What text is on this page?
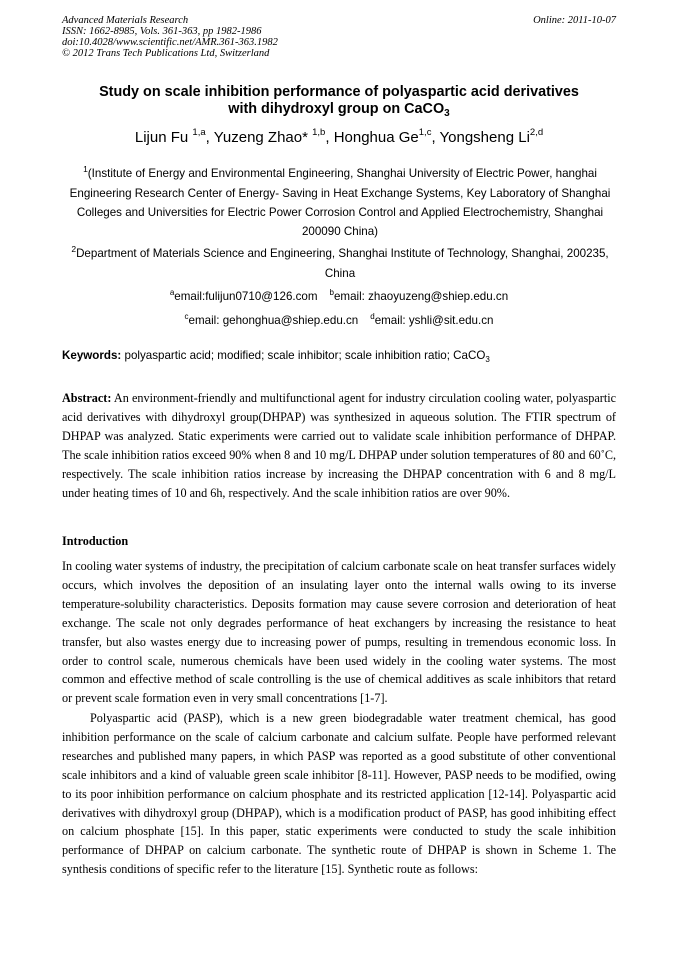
Advanced Materials Research
ISSN: 1662-8985, Vols. 361-363, pp 1982-1986
doi:10.4028/www.scientific.net/AMR.361-363.1982
© 2012 Trans Tech Publications Ltd, Switzerland
Online: 2011-10-07
Study on scale inhibition performance of polyaspartic acid derivatives
with dihydroxyl group on CaCO$_3$
Lijun Fu $^{1,a}$, Yuzeng Zhao* $^{1,b}$, Honghua Ge$^{1,c}$, Yongsheng Li$^{2,d}$
$^1$(Institute of Energy and Environmental Engineering, Shanghai University of Electric Power, hanghai Engineering Research Center of Energy- Saving in Heat Exchange Systems, Key Laboratory of Shanghai Colleges and Universities for Electric Power Corrosion Control and Applied Electrochemistry, Shanghai 200090 China)
$^2$Department of Materials Science and Engineering, Shanghai Institute of Technology, Shanghai, 200235, China
$^a$email:fulijun0710@126.com $^b$email: zhaoyuzeng@shiep.edu.cn
$^c$email: gehonghua@shiep.edu.cn $^d$email: yshli@sit.edu.cn
Keywords: polyaspartic acid; modified; scale inhibitor; scale inhibition ratio; CaCO$_3$
Abstract: An environment-friendly and multifunctional agent for industry circulation cooling water, polyaspartic acid derivatives with dihydroxyl group(DHPAP) was synthesized in aqueous solution. The FTIR spectrum of DHPAP was analyzed. Static experiments were carried out to validate scale inhibition performance of DHPAP. The scale inhibition ratios exceed 90% when 8 and 10 mg/L DHPAP under solution temperatures of 80 and 60˚C, respectively. The scale inhibition ratios increase by increasing the DHPAP concentration with 6 and 8 mg/L under heating times of 10 and 6h, respectively. And the scale inhibition ratios are over 90%.
Introduction
In cooling water systems of industry, the precipitation of calcium carbonate scale on heat transfer surfaces widely occurs, which involves the deposition of an insulating layer onto the internal walls owing to its inverse temperature-solubility characteristics. Deposits formation may cause severe corrosion and deterioration of heat exchange. The scale not only degrades performance of heat exchangers by increasing the resistance to heat transfer, but also wastes energy due to increasing power of pumps, resulting in tremendous economic loss. In order to control scale, numerous chemicals have been used widely in the cooling water systems. The most common and effective method of scale controlling is the use of chemical additives as scale inhibitors that retard or prevent scale formation even in very small concentrations [1-7].
Polyaspartic acid (PASP), which is a new green biodegradable water treatment chemical, has good inhibition performance on the scale of calcium carbonate and calcium sulfate. People have performed relevant researches and published many papers, in which PASP was reported as a good substitute of other conventional scale inhibitors and a kind of valuable green scale inhibitor [8-11]. However, PASP needs to be modified, owing to its poor inhibition performance on calcium phosphate and its restricted application [12-14]. Polyaspartic acid derivatives with dihydroxyl group (DHPAP), which is a modification product of PASP, has good inhibiting effect on calcium phosphate [15]. In this paper, static experiments were conducted to study the scale inhibition performance of DHPAP on calcium carbonate. The synthetic route of DHPAP is shown in Scheme 1. The synthesis conditions of specific refer to the literature [15]. Synthetic route as follows:
